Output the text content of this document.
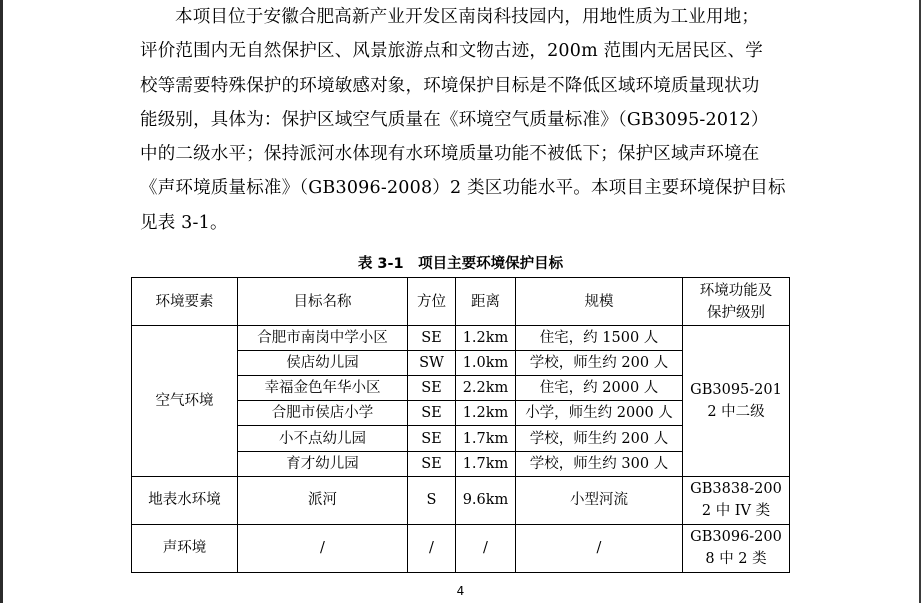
本项目位于安徽合肥高新产业开发区南岗科技园内，用地性质为工业用地；
评价范围内无自然保护区、风景旅游点和文物古迹，200m 范围内无居民区、学
校等需要特殊保护的环境敏感对象，环境保护目标是不降低区域环境质量现状功
能级别，具体为：保护区域空气质量在《环境空气质量标准》（GB3095-2012）
中的二级水平；保持派河水体现有水环境质量功能不被低下；保护区域声环境在
《声环境质量标准》（GB3096-2008）2 类区功能水平。本项目主要环境保护目标
见表 3-1。
表 3-1　项目主要环境保护目标
环境要素	目标名称	方位	距离	规模	环境功能及
保护级别

空气环境	合肥市南岗中学小区	SE	1.2km	住宅，约 1500 人	GB3095-201
2 中二级

	侯店幼儿园	SW	1.0km	学校，师生约 200 人	
	幸福金色年华小区	SE	2.2km	住宅，约 2000 人	
	合肥市侯店小学	SE	1.2km	小学，师生约 2000 人	
	小不点幼儿园	SE	1.7km	学校，师生约 200 人	
	育才幼儿园	SE	1.7km	学校，师生约 300 人	
地表水环境	派河	S	9.6km	小型河流	GB3838-200
2 中 IV 类

声环境	/	/	/	/	GB3096-200
8 中 2 类
4
